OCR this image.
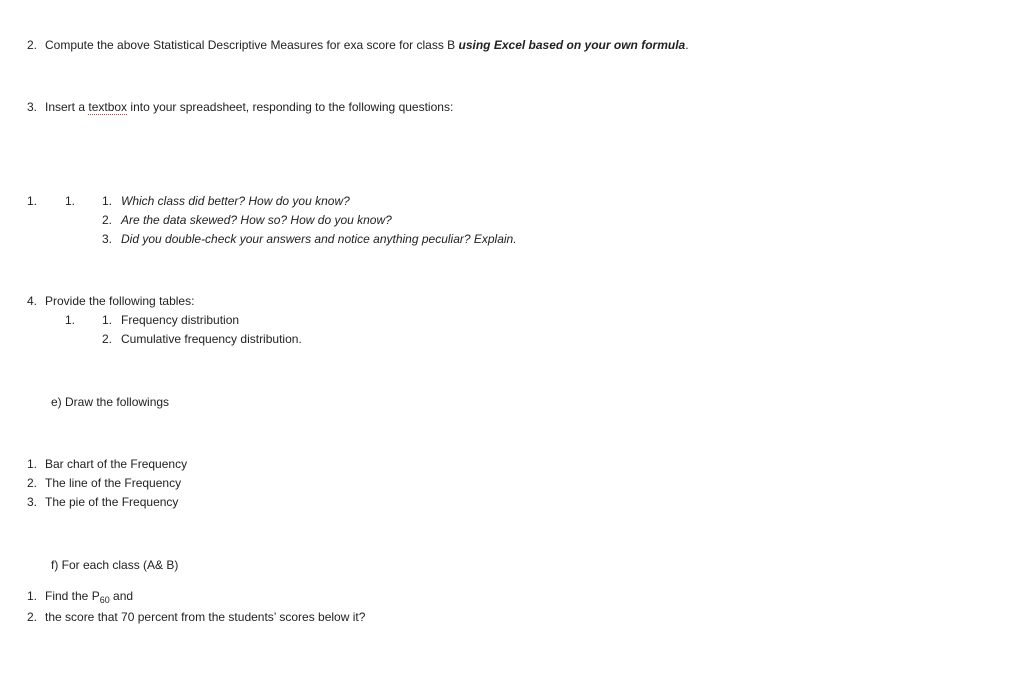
2. Compute the above Statistical Descriptive Measures for exa score for class B using Excel based on your own formula.
3. Insert a textbox into your spreadsheet, responding to the following questions:
1. 1. 1. Which class did better? How do you know?
2. Are the data skewed? How so? How do you know?
3. Did you double-check your answers and notice anything peculiar? Explain.
4. Provide the following tables:
1. 1. Frequency distribution
2. Cumulative frequency distribution.
e) Draw the followings
1. Bar chart of the Frequency
2. The line of the Frequency
3. The pie of the Frequency
f) For each class (A& B)
1. Find the $P_{60}$ and
2. the score that 70 percent from the students’ scores below it?
